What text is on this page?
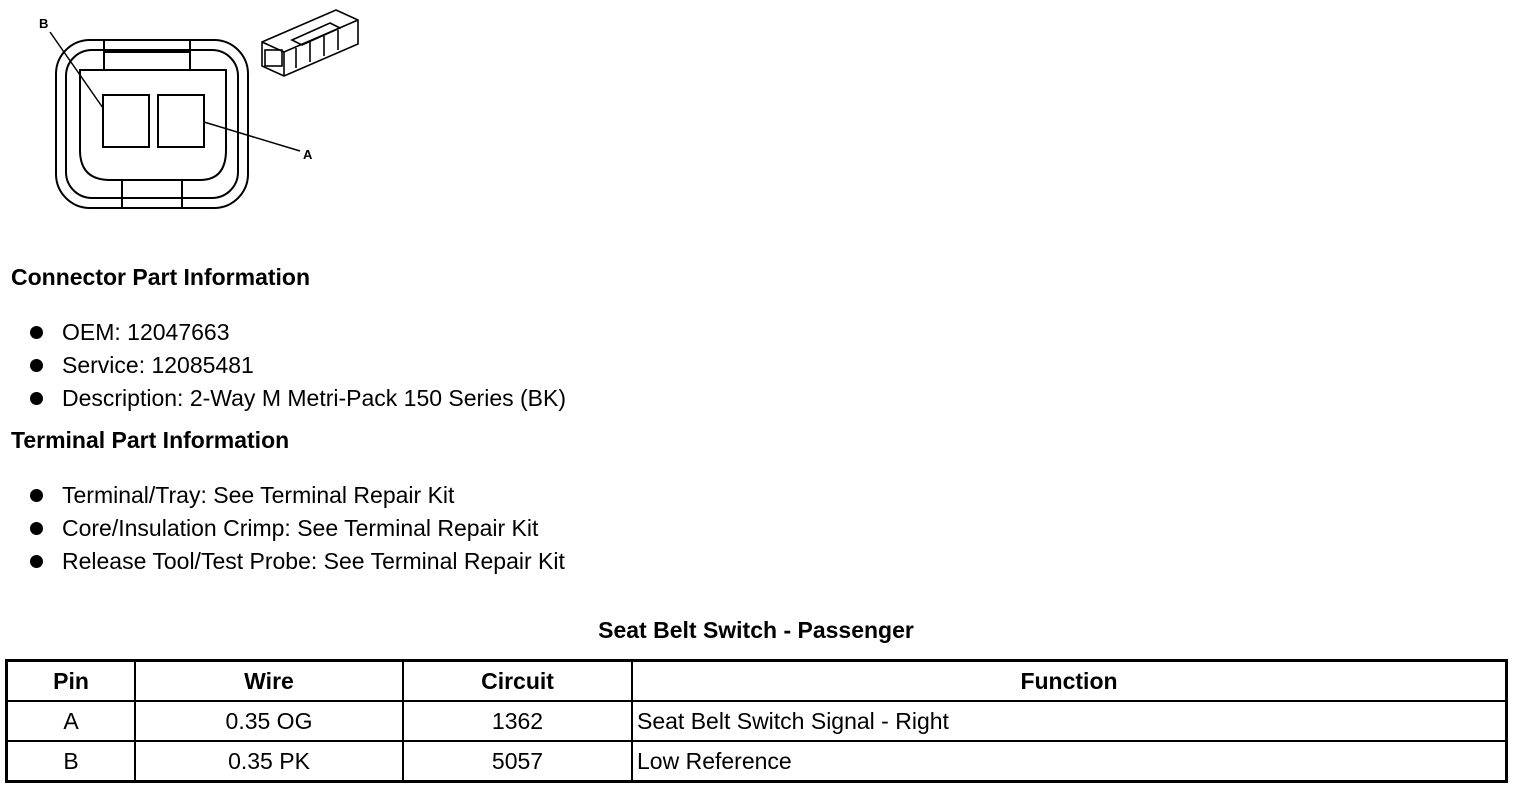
B
A
Connector Part Information
OEM: 12047663
Service: 12085481
Description: 2-Way M Metri-Pack 150 Series (BK)
Terminal Part Information
Terminal/Tray: See Terminal Repair Kit
Core/Insulation Crimp: See Terminal Repair Kit
Release Tool/Test Probe: See Terminal Repair Kit
Seat Belt Switch - Passenger
Pin	Wire	Circuit	Function
A	0.35 OG	1362	Seat Belt Switch Signal - Right
B	0.35 PK	5057	Low Reference
